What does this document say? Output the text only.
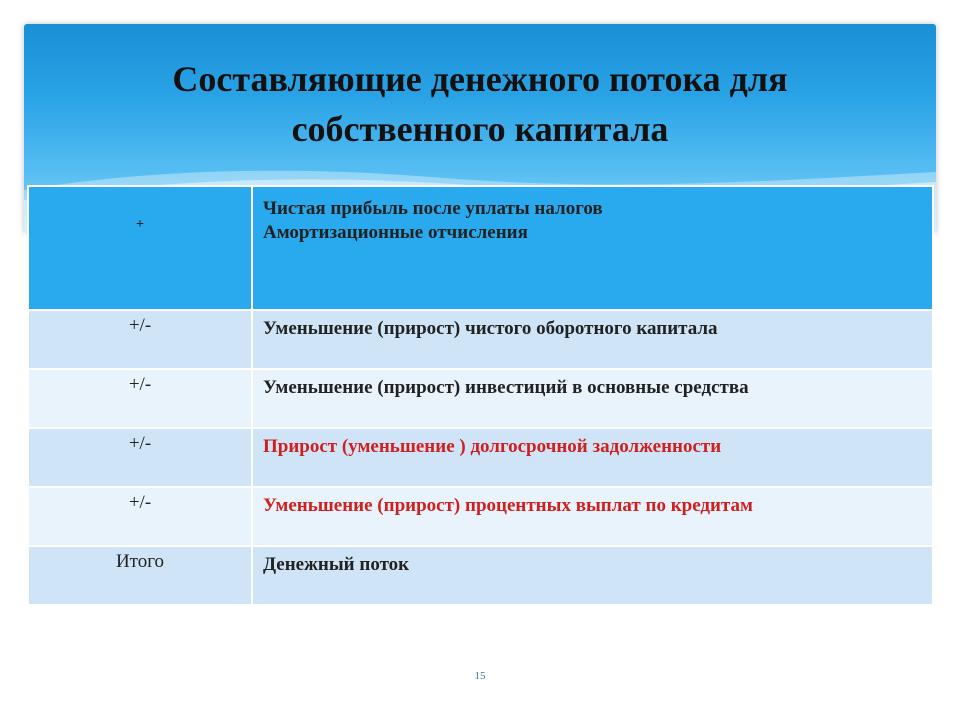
Составляющие денежного потока для
собственного капитала
+	Чистая прибыль после уплаты налогов
Амортизационные отчисления

+/-	Уменьшение (прирост) чистого оборотного капитала
+/-	Уменьшение (прирост) инвестиций в основные средства
+/-	Прирост (уменьшение ) долгосрочной задолженности
+/-	Уменьшение (прирост) процентных выплат по кредитам
Итого	Денежный поток
15
